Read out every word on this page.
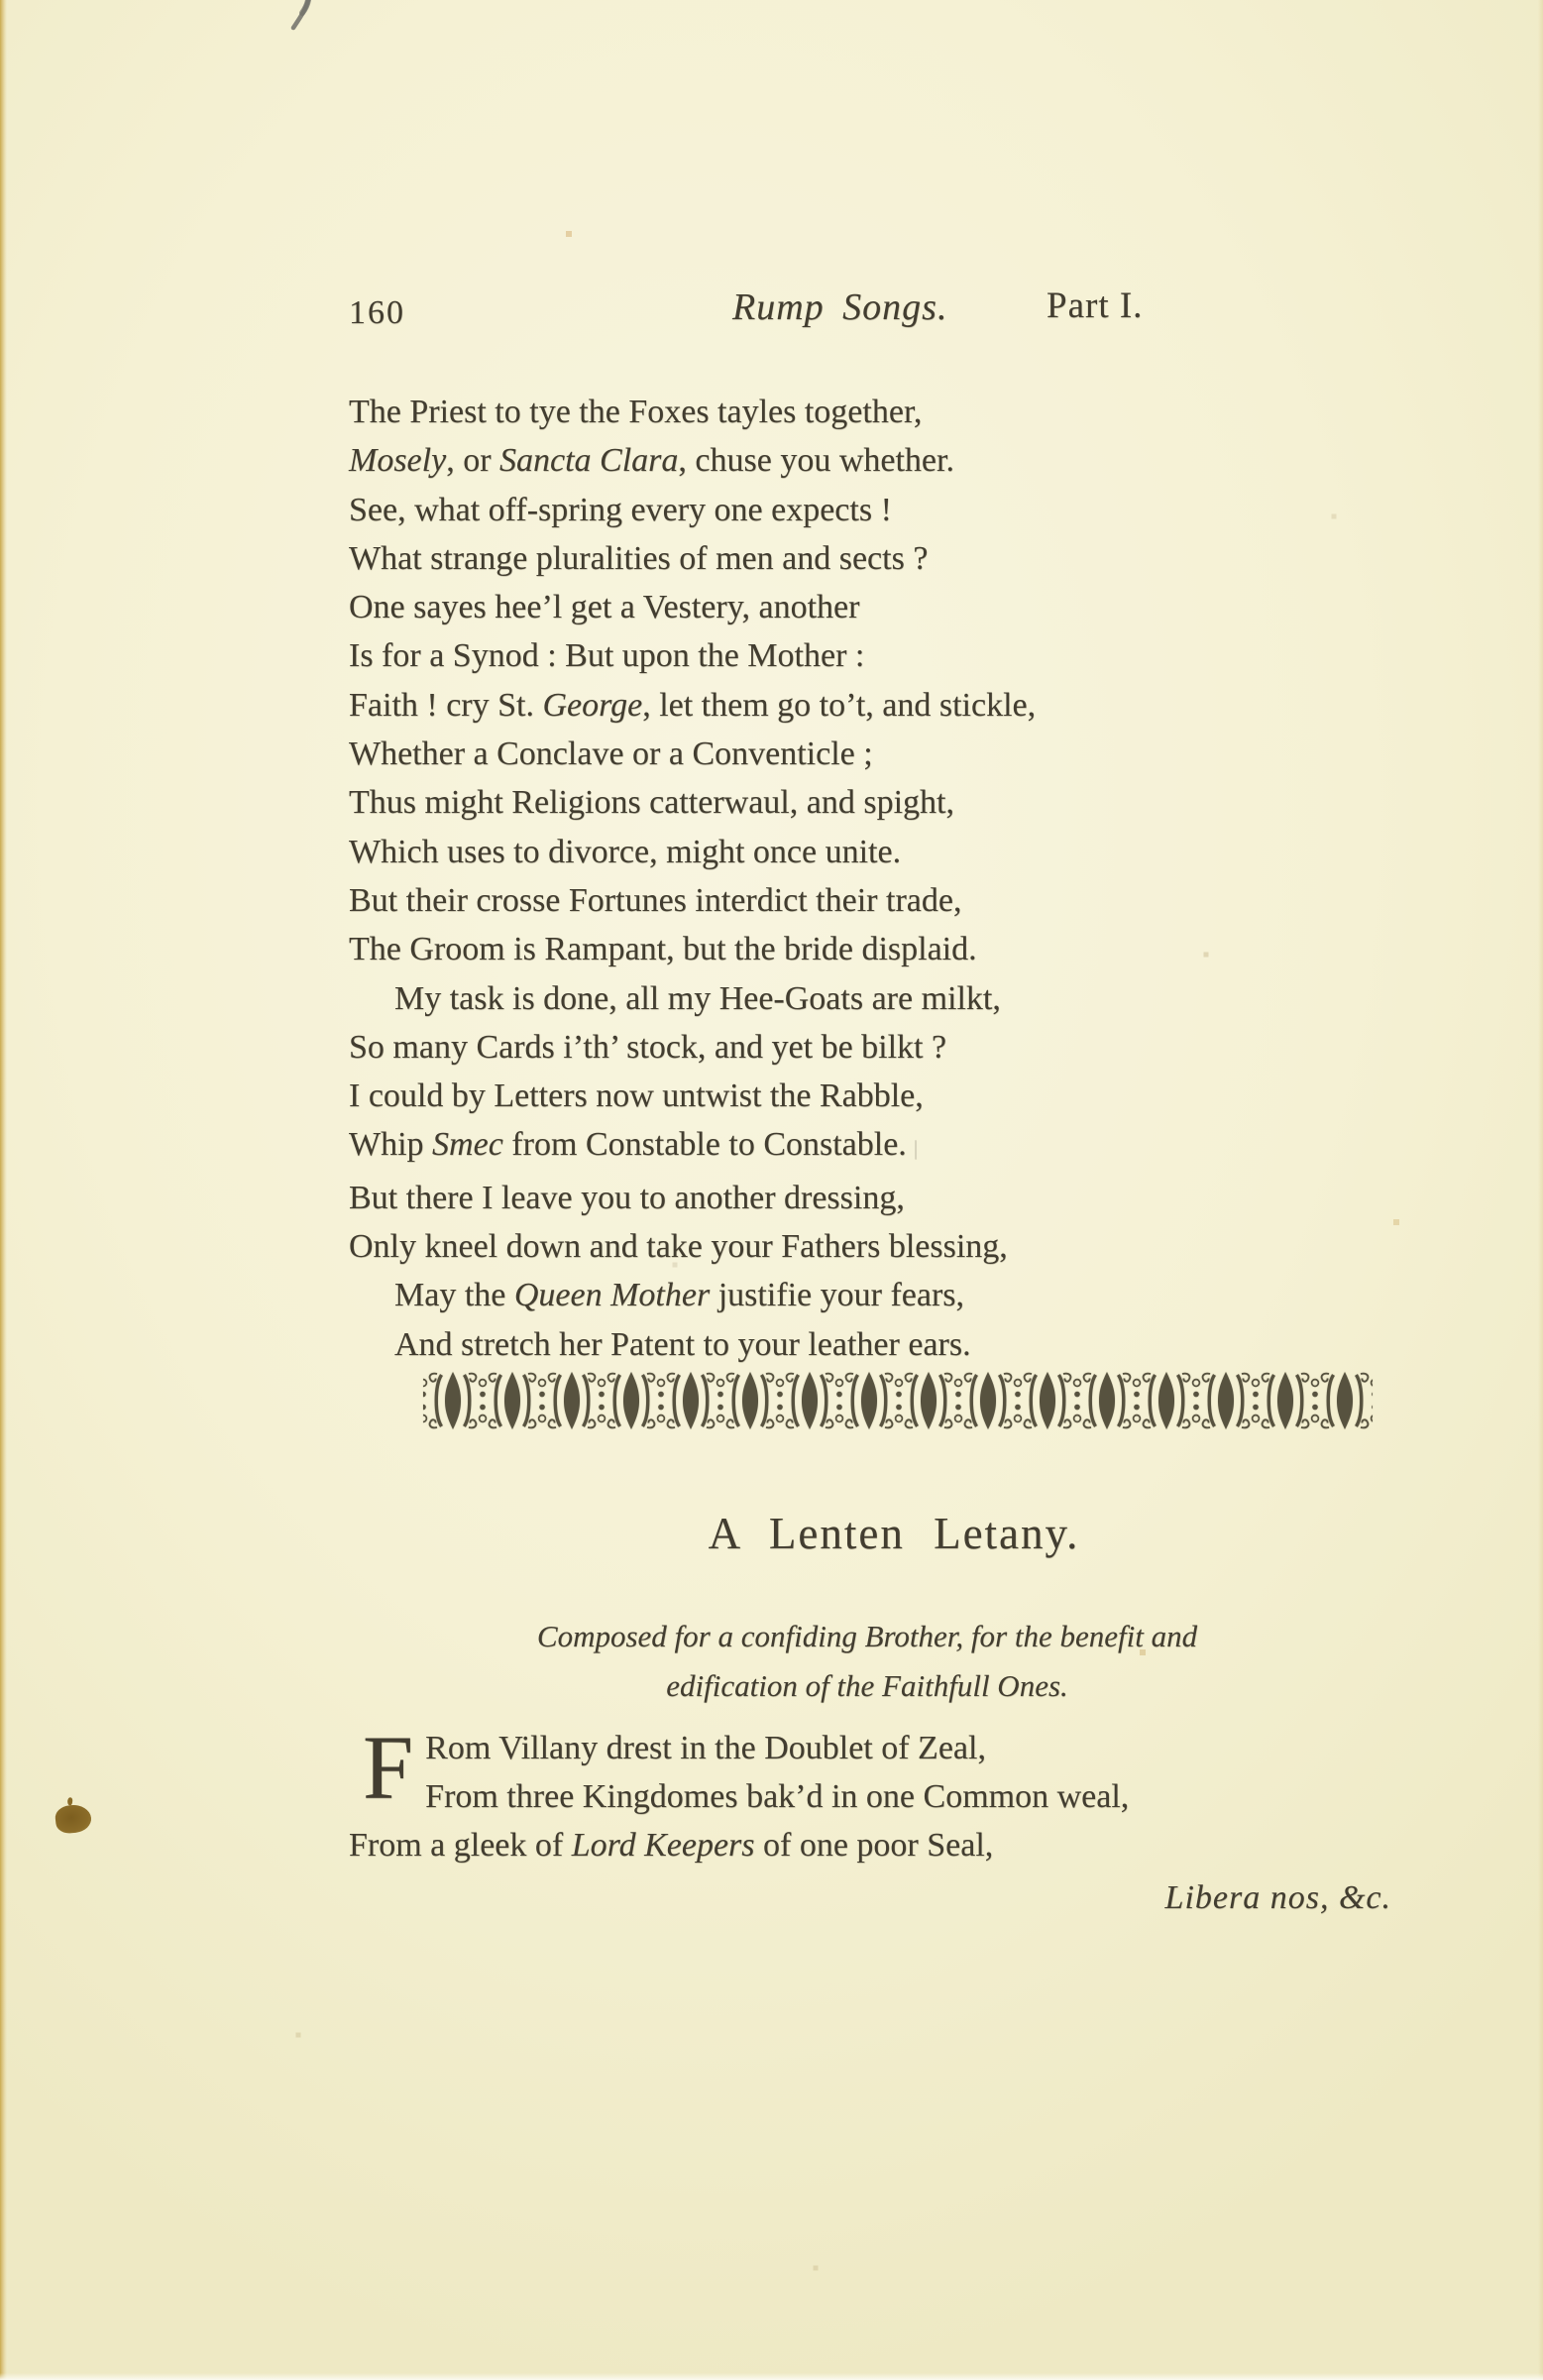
160	Rump Songs.	Part I.
The Priest to tye the Foxes tayles together,
Mosely, or Sancta Clara, chuse you whether.
See, what off-spring every one expects !
What strange pluralities of men and sects ?
One sayes hee’l get a Vestery, another
Is for a Synod : But upon the Mother :
Faith ! cry St. George, let them go to’t, and stickle,
Whether a Conclave or a Conventicle ;
Thus might Religions catterwaul, and spight,
Which uses to divorce, might once unite.
But their crosse Fortunes interdict their trade,
The Groom is Rampant, but the bride displaid.
My task is done, all my Hee-Goats are milkt,
So many Cards i’th’ stock, and yet be bilkt ?
I could by Letters now untwist the Rabble,
Whip Smec from Constable to Constable. |
But there I leave you to another dressing,
Only kneel down and take your Fathers blessing,
May the Queen Mother justifie your fears,
And stretch her Patent to your leather ears.
A Lenten Letany.
Composed for a confiding Brother, for the benefit and
edification of the Faithfull Ones.
F Rom Villany drest in the Doublet of Zeal,
From three Kingdomes bak’d in one Common weal,
From a gleek of Lord Keepers of one poor Seal,
Libera nos, &c.
